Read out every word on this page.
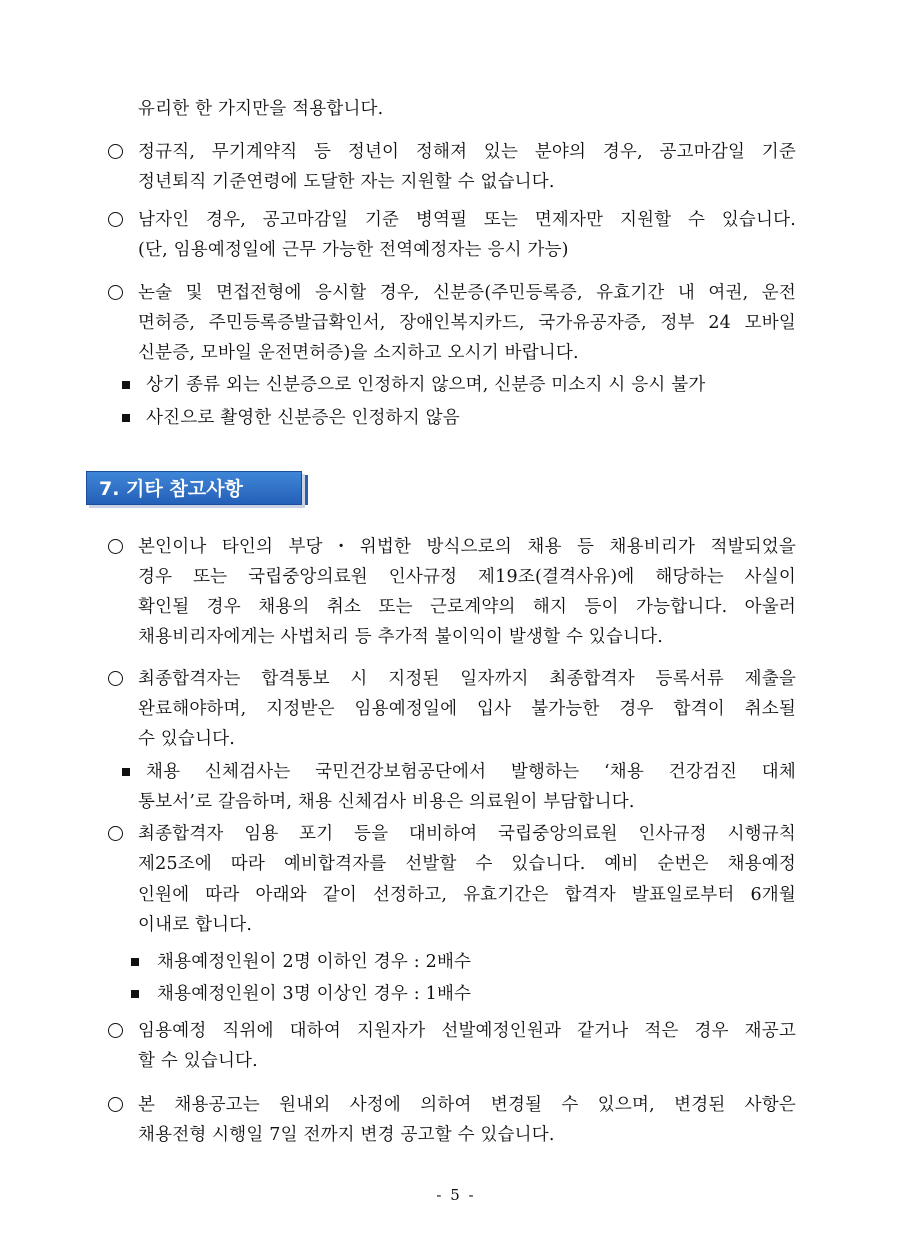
유리한 한 가지만을 적용합니다.
정규직, 무기계약직 등 정년이 정해져 있는 분야의 경우, 공고마감일 기준
정년퇴직 기준연령에 도달한 자는 지원할 수 없습니다.
남자인 경우, 공고마감일 기준 병역필 또는 면제자만 지원할 수 있습니다.
(단, 임용예정일에 근무 가능한 전역예정자는 응시 가능)
논술 및 면접전형에 응시할 경우, 신분증(주민등록증, 유효기간 내 여권, 운전
면허증, 주민등록증발급확인서, 장애인복지카드, 국가유공자증, 정부 24 모바일
신분증, 모바일 운전면허증)을 소지하고 오시기 바랍니다.
상기 종류 외는 신분증으로 인정하지 않으며, 신분증 미소지 시 응시 불가
사진으로 촬영한 신분증은 인정하지 않음
7. 기타 참고사항
본인이나 타인의 부당・위법한 방식으로의 채용 등 채용비리가 적발되었을
경우 또는 국립중앙의료원 인사규정 제19조(결격사유)에 해당하는 사실이
확인될 경우 채용의 취소 또는 근로계약의 해지 등이 가능합니다. 아울러
채용비리자에게는 사법처리 등 추가적 불이익이 발생할 수 있습니다.
최종합격자는 합격통보 시 지정된 일자까지 최종합격자 등록서류 제출을
완료해야하며, 지정받은 임용예정일에 입사 불가능한 경우 합격이 취소될
수 있습니다.
채용 신체검사는 국민건강보험공단에서 발행하는 ‘채용 건강검진 대체
통보서’로 갈음하며, 채용 신체검사 비용은 의료원이 부담합니다.
최종합격자 임용 포기 등을 대비하여 국립중앙의료원 인사규정 시행규칙
제25조에 따라 예비합격자를 선발할 수 있습니다. 예비 순번은 채용예정
인원에 따라 아래와 같이 선정하고, 유효기간은 합격자 발표일로부터 6개월
이내로 합니다.
채용예정인원이 2명 이하인 경우 : 2배수
채용예정인원이 3명 이상인 경우 : 1배수
임용예정 직위에 대하여 지원자가 선발예정인원과 같거나 적은 경우 재공고
할 수 있습니다.
본 채용공고는 원내외 사정에 의하여 변경될 수 있으며, 변경된 사항은
채용전형 시행일 7일 전까지 변경 공고할 수 있습니다.
- 5 -
